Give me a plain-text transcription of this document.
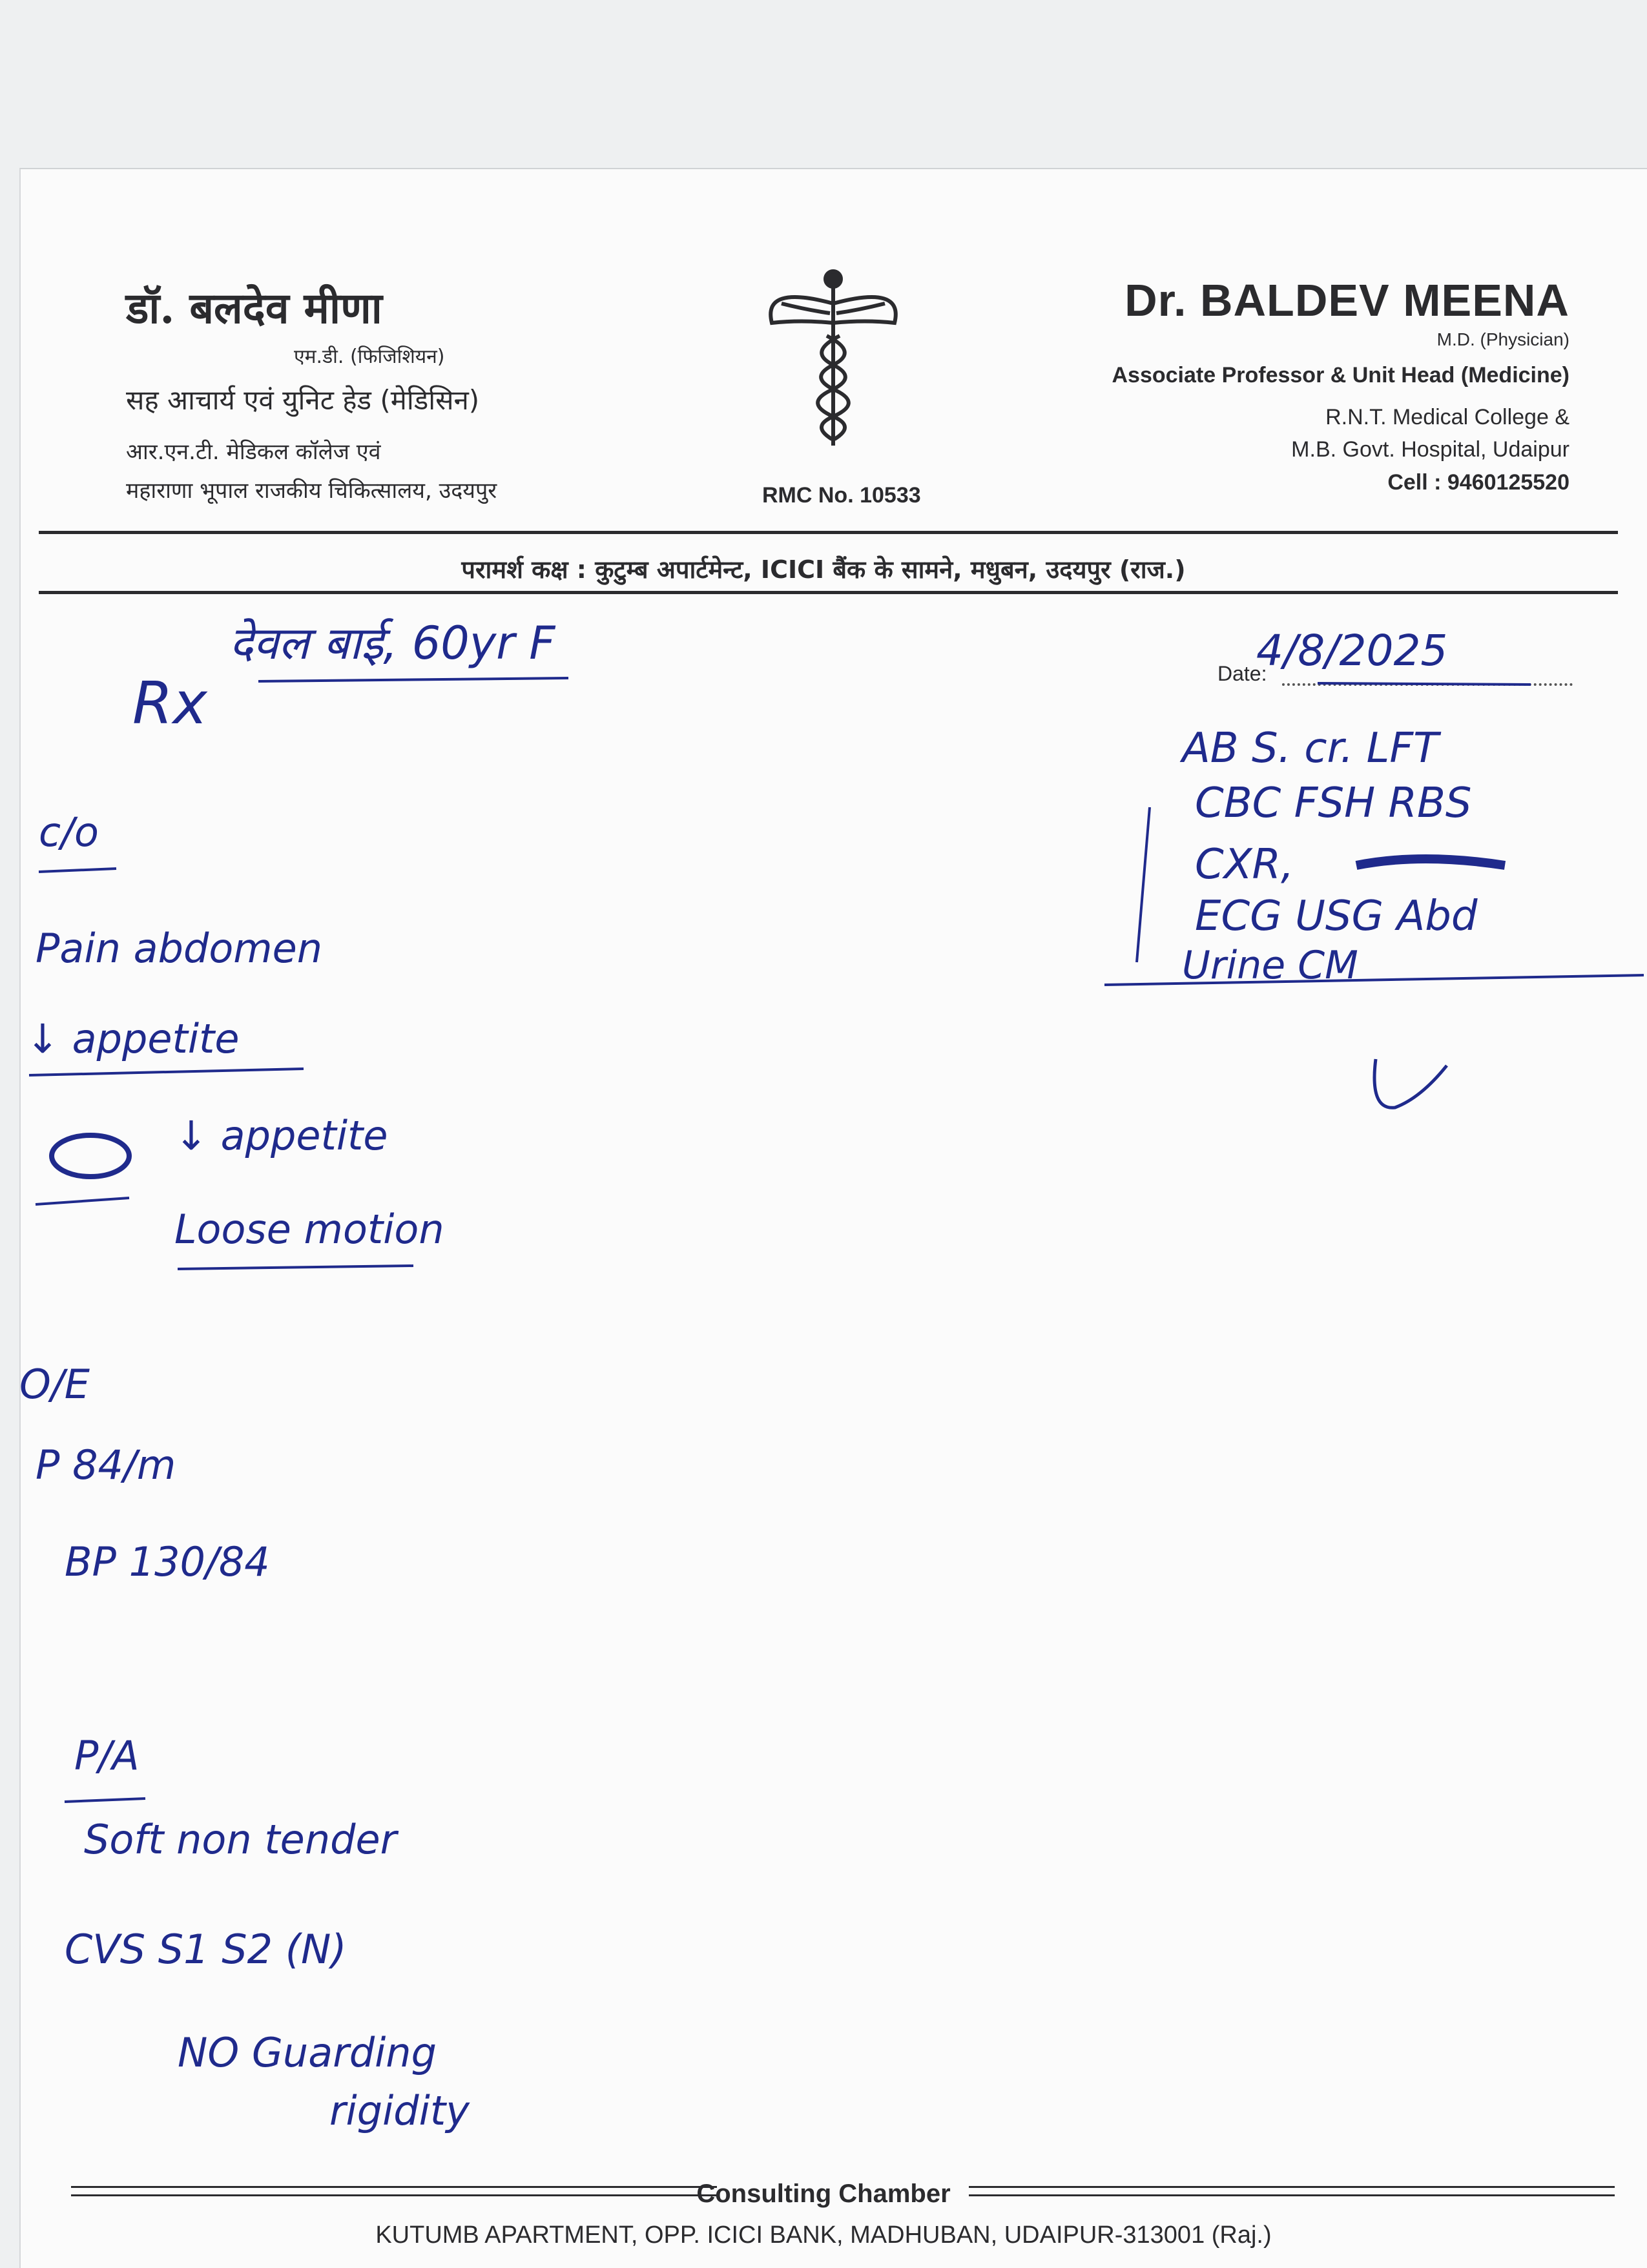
डॉ. बलदेव मीणा
एम.डी. (फिजिशियन)
सह आचार्य एवं युनिट हेड (मेडिसिन)
आर.एन.टी. मेडिकल कॉलेज एवं
महाराणा भूपाल राजकीय चिकित्सालय, उदयपुर	RMC No. 10533
Dr. BALDEV MEENA
M.D. (Physician)
Associate Professor & Unit Head (Medicine)
R.N.T. Medical College &
M.B. Govt. Hospital, Udaipur
Cell : 9460125520
परामर्श कक्ष : कुटुम्ब अपार्टमेन्ट, ICICI बैंक के सामने, मधुबन, उदयपुर (राज.)
Date:
देवल बाई, 60yr F
Rx
4/8/2025
AB S. cr. LFT
CBC FSH RBS
CXR,
ECG USG Abd
Urine CM
c/o
Pain abdomen
↓ appetite
↓ appetite
Loose motion
O/E
P 84/m
BP 130/84
P/A
Soft non tender
CVS S1 S2 (N)
NO Guarding
rigidity
Consulting Chamber
KUTUMB APARTMENT, OPP. ICICI BANK, MADHUBAN, UDAIPUR-313001 (Raj.)
